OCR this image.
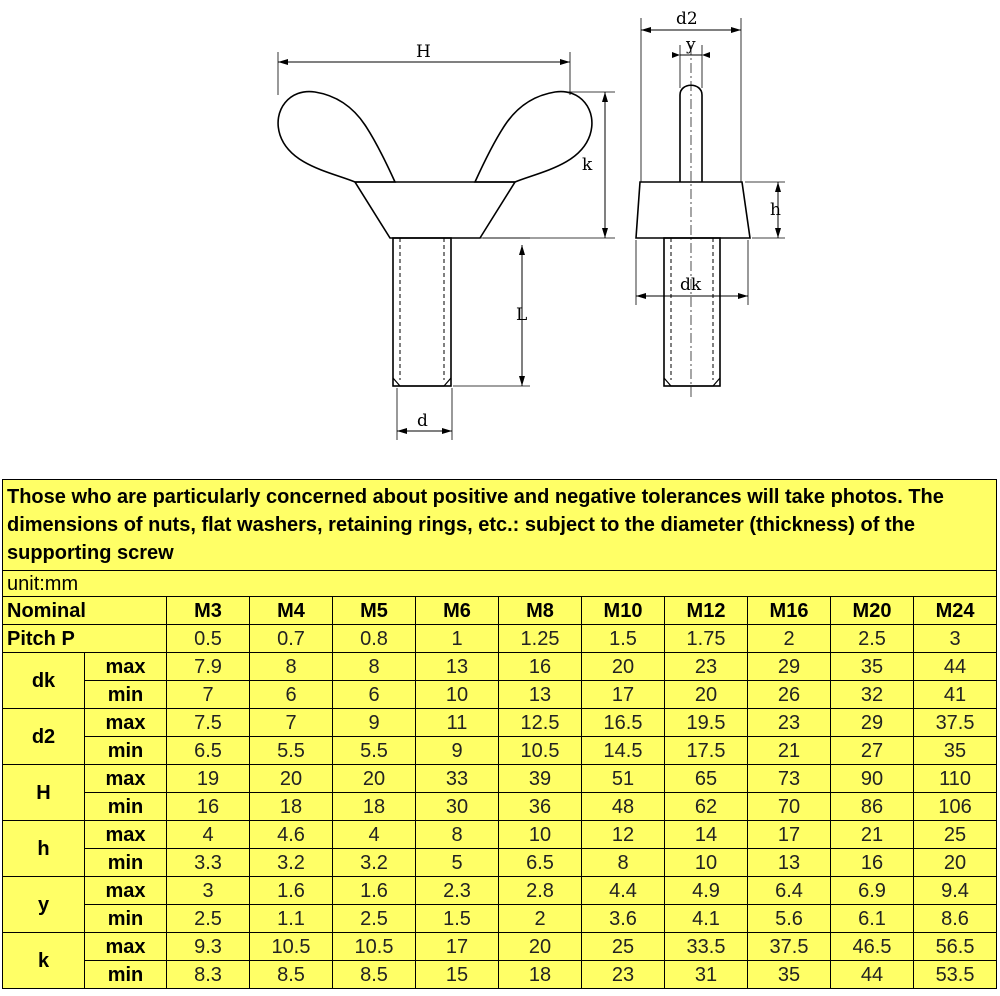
H
k
L
d
d2
y
h
dk
Those who are particularly concerned about positive and negative tolerances will take photos. The dimensions of nuts, flat washers, retaining rings, etc.: subject to the diameter (thickness) of the supporting screw											
unit:mm											
Nominal		M3	M4	M5	M6	M8	M10	M12	M16	M20	M24
Pitch P		0.5	0.7	0.8	1	1.25	1.5	1.75	2	2.5	3
dk	max	7.9	8	8	13	16	20	23	29	35	44
	min	7	6	6	10	13	17	20	26	32	41
d2	max	7.5	7	9	11	12.5	16.5	19.5	23	29	37.5
	min	6.5	5.5	5.5	9	10.5	14.5	17.5	21	27	35
H	max	19	20	20	33	39	51	65	73	90	110
	min	16	18	18	30	36	48	62	70	86	106
h	max	4	4.6	4	8	10	12	14	17	21	25
	min	3.3	3.2	3.2	5	6.5	8	10	13	16	20
y	max	3	1.6	1.6	2.3	2.8	4.4	4.9	6.4	6.9	9.4
	min	2.5	1.1	2.5	1.5	2	3.6	4.1	5.6	6.1	8.6
k	max	9.3	10.5	10.5	17	20	25	33.5	37.5	46.5	56.5
	min	8.3	8.5	8.5	15	18	23	31	35	44	53.5
